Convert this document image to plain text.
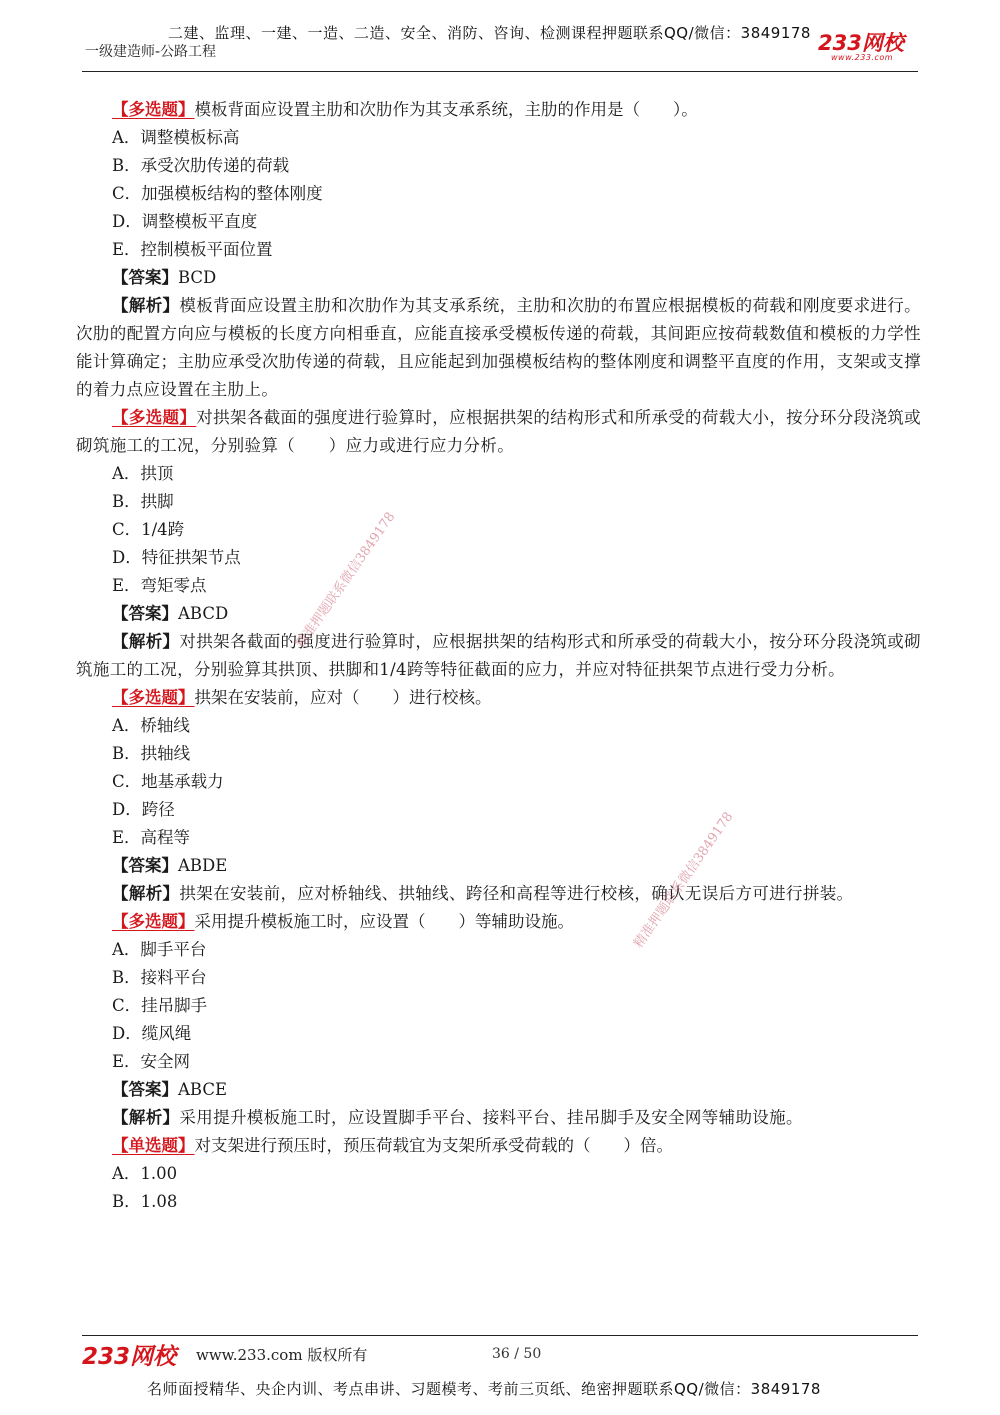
二建、监理、一建、一造、二造、安全、消防、咨询、检测课程押题联系QQ/微信：3849178
一级建造师-公路工程	233网校
www.233.com
【多选题】模板背面应设置主肋和次肋作为其支承系统，主肋的作用是（　　）。
A．调整模板标高
B．承受次肋传递的荷载
C．加强模板结构的整体刚度
D．调整模板平直度
E．控制模板平面位置
【答案】BCD
【解析】模板背面应设置主肋和次肋作为其支承系统，主肋和次肋的布置应根据模板的荷载和刚度要求进行。次肋的配置方向应与模板的长度方向相垂直，应能直接承受模板传递的荷载，其间距应按荷载数值和模板的力学性能计算确定；主肋应承受次肋传递的荷载，且应能起到加强模板结构的整体刚度和调整平直度的作用，支架或支撑的着力点应设置在主肋上。
【多选题】对拱架各截面的强度进行验算时，应根据拱架的结构形式和所承受的荷载大小，按分环分段浇筑或砌筑施工的工况，分别验算（　　）应力或进行应力分析。
A．拱顶
B．拱脚
C．1/4跨
D．特征拱架节点
E．弯矩零点
【答案】ABCD
【解析】对拱架各截面的强度进行验算时，应根据拱架的结构形式和所承受的荷载大小，按分环分段浇筑或砌筑施工的工况，分别验算其拱顶、拱脚和1/4跨等特征截面的应力，并应对特征拱架节点进行受力分析。
【多选题】拱架在安装前，应对（　　）进行校核。
A．桥轴线
B．拱轴线
C．地基承载力
D．跨径
E．高程等
【答案】ABDE
【解析】拱架在安装前，应对桥轴线、拱轴线、跨径和高程等进行校核，确认无误后方可进行拼装。
【多选题】采用提升模板施工时，应设置（　　）等辅助设施。
A．脚手平台
B．接料平台
C．挂吊脚手
D．缆风绳
E．安全网
【答案】ABCE
【解析】采用提升模板施工时，应设置脚手平台、接料平台、挂吊脚手及安全网等辅助设施。
【单选题】对支架进行预压时，预压荷载宜为支架所承受荷载的（　　）倍。
A．1.00
B．1.08
精准押题联系微信3849178
精准押题联系微信3849178
233网校 www.233.com 版权所有	36 / 50
名师面授精华、央企内训、考点串讲、习题模考、考前三页纸、绝密押题联系QQ/微信：3849178
